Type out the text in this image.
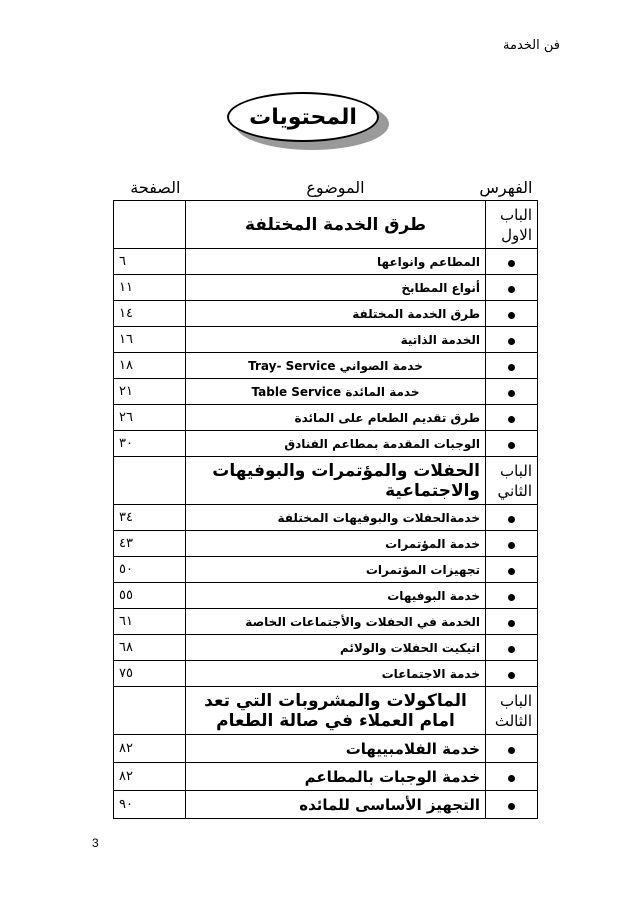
فن الخدمة
المحتويات
الفهرس	الموضوع	الصفحة
الباب الاول	طرق الخدمة المختلفة	
	المطاعم وانواعها	٦
	أنواع المطابخ	١١
	طرق الخدمة المختلفة	١٤
	الخدمة الذاتية	١٦
	خدمة الصواني Tray- Service	١٨
	خدمة المائدة Table Service	٢١
	طرق تقديم الطعام على المائدة	٢٦
	الوجبات المقدمة بمطاعم الفنادق	٣٠
الباب الثاني	الحفلات والمؤتمرات والبوفيهات والاجتماعية	
	خدمةالحفلات والبوفيهات المختلفة	٣٤
	خدمة المؤتمرات	٤٣
	تجهيزات المؤتمرات	٥٠
	خدمة البوفيهات	٥٥
	الخدمة في الحفلات والأجتماعات الخاصة	٦١
	اتيكيت الحفلات والولائم	٦٨
	خدمة الاجتماعات	٧٥
الباب الثالث	الماكولات والمشروبات التي تعد امام العملاء في صالة الطعام	
	خدمة الفلامبييهات	٨٢
	خدمة الوجبات بالمطاعم	٨٢
	التجهيز الأساسى للمائده	٩٠
3
